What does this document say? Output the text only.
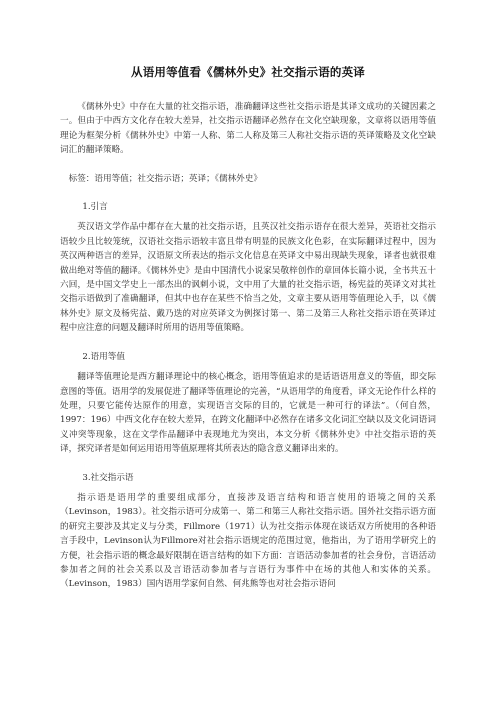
从语用等值看《儒林外史》社交指示语的英译

《儒林外史》中存在大量的社交指示语，准确翻译这些社交指示语是其译文成功的关键因素之一。但由于中西方文化存在较大差异，社交指示语翻译必然存在文化空缺现象，文章将以语用等值理论为框架分析《儒林外史》中第一人称、第二人称及第三人称社交指示语的英译策略及文化空缺词汇的翻译策略。

标签：语用等值；社交指示语；英译；《儒林外史》

1.引言

英汉语文学作品中都存在大量的社交指示语，且英汉社交指示语存在很大差异，英语社交指示语较少且比较笼统，汉语社交指示语较丰富且带有明显的民族文化色彩，在实际翻译过程中，因为英汉两种语言的差异，汉语原文所表达的指示文化信息在英译文中易出现缺失现象，译者也就很难做出绝对等值的翻译。《儒林外史》是由中国清代小说家吴敬梓创作的章回体长篇小说，全书共五十六回，是中国文学史上一部杰出的讽刺小说，文中用了大量的社交指示语，杨宪益的英译文对其社交指示语做到了准确翻译，但其中也存在某些不恰当之处，文章主要从语用等值理论入手，以《儒林外史》原文及杨宪益、戴乃迭的对应英译文为例探讨第一、第二及第三人称社交指示语在英译过程中应注意的问题及翻译时所用的语用等值策略。

2.语用等值

翻译等值理论是西方翻译理论中的核心概念，语用等值追求的是话语语用意义的等值，即交际意图的等值。语用学的发展促进了翻译等值理论的完善，“从语用学的角度看，译文无论作什么样的处理，只要它能传达原作的用意，实现语言交际的目的，它就是一种可行的译法”。（何自然，1997：196）中西文化存在较大差异，在跨文化翻译中必然存在诸多文化词汇空缺以及文化词语词义冲突等现象，这在文学作品翻译中表现地尤为突出，本文分析《儒林外史》中社交指示语的英译，探究译者是如何运用语用等值原理将其所表达的隐含意义翻译出来的。

3.社交指示语

指示语是语用学的重要组成部分，直接涉及语言结构和语言使用的语境之间的关系（Levinson，1983）。社交指示语可分成第一、第二和第三人称社交指示语。国外社交指示语方面的研究主要涉及其定义与分类，Fillmore（1971）认为社交指示体现在谈话双方所使用的各种语言手段中，Levinson认为Fillmore对社会指示语规定的范围过宽，他指出，为了语用学研究上的方便，社会指示语的概念最好限制在语言结构的如下方面：言语活动参加者的社会身份，言语活动参加者之间的社会关系以及言语活动参加者与言语行为事件中在场的其他人和实体的关系。（Levinson，1983）国内语用学家何自然、何兆熊等也对社会指示语问
